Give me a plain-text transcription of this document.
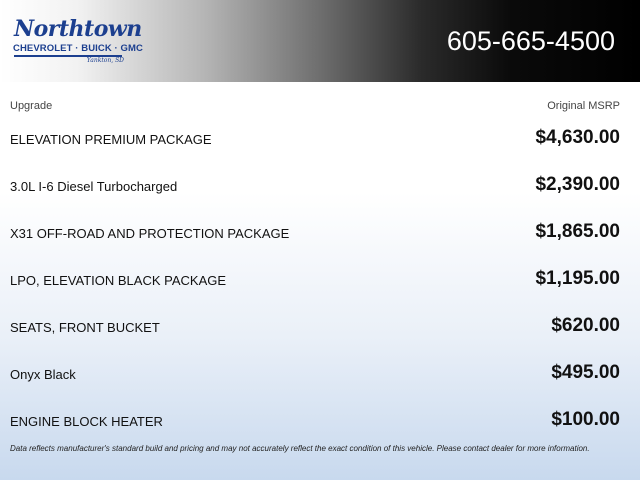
Northtown
CHEVROLET · BUICK · GMC
Yankton, SD
605-665-4500
Upgrade	Original MSRP
ELEVATION PREMIUM PACKAGE	$4,630.00
3.0L I-6 Diesel Turbocharged	$2,390.00
X31 OFF-ROAD AND PROTECTION PACKAGE	$1,865.00
LPO, ELEVATION BLACK PACKAGE	$1,195.00
SEATS, FRONT BUCKET	$620.00
Onyx Black	$495.00
ENGINE BLOCK HEATER	$100.00
Data reflects manufacturer's standard build and pricing and may not accurately reflect the exact condition of this vehicle. Please contact dealer for more information.
